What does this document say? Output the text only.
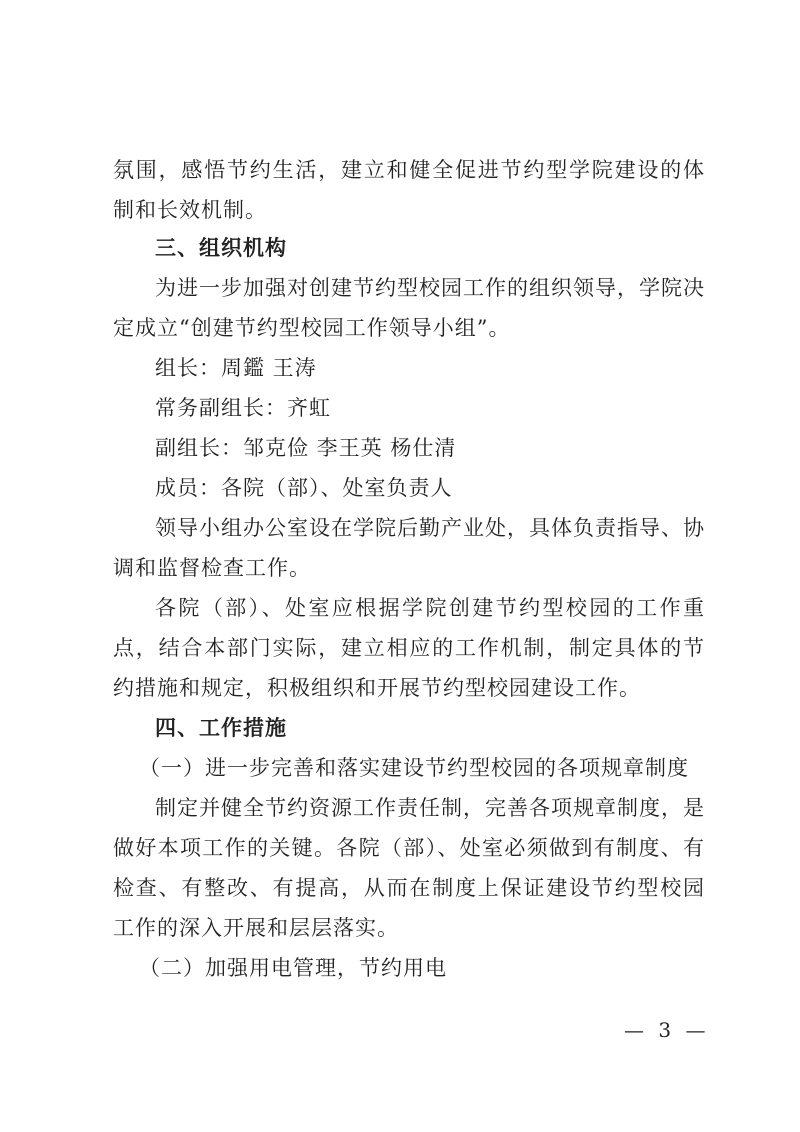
氛围，感悟节约生活，建立和健全促进节约型学院建设的体制和长效机制。

三、组织机构

为进一步加强对创建节约型校园工作的组织领导，学院决定成立“创建节约型校园工作领导小组”。

组长：周鑑 王涛

常务副组长：齐虹

副组长：邹克俭 李王英 杨仕清

成员：各院（部）、处室负责人

领导小组办公室设在学院后勤产业处，具体负责指导、协调和监督检查工作。

各院（部）、处室应根据学院创建节约型校园的工作重点，结合本部门实际，建立相应的工作机制，制定具体的节约措施和规定，积极组织和开展节约型校园建设工作。

四、工作措施

（一）进一步完善和落实建设节约型校园的各项规章制度

制定并健全节约资源工作责任制，完善各项规章制度，是做好本项工作的关键。各院（部）、处室必须做到有制度、有检查、有整改、有提高，从而在制度上保证建设节约型校园工作的深入开展和层层落实。

（二）加强用电管理，节约用电

— 3 —
